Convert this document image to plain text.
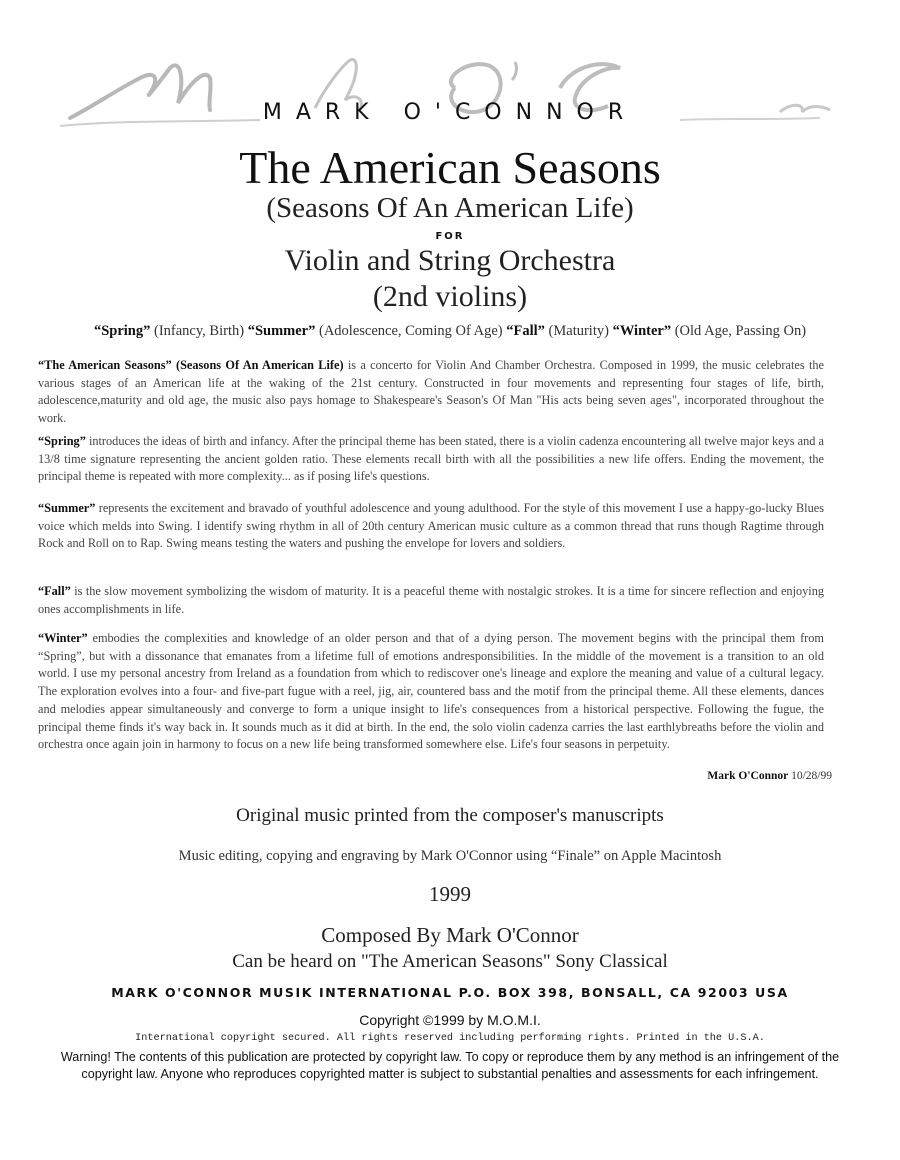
MARK O'CONNOR
The American Seasons
(Seasons Of An American Life)
FOR
Violin and String Orchestra
(2nd violins)
“Spring” (Infancy, Birth) “Summer” (Adolescence, Coming Of Age) “Fall” (Maturity) “Winter” (Old Age, Passing On)
“The American Seasons” (Seasons Of An American Life) is a concerto for Violin And Chamber Orchestra. Composed in 1999, the music celebrates the various stages of an American life at the waking of the 21st century. Constructed in four movements and representing four stages of life, birth, adolescence,maturity and old age, the music also pays homage to Shakespeare's Season's Of Man "His acts being seven ages", incorporated throughout the work.
“Spring” introduces the ideas of birth and infancy. After the principal theme has been stated, there is a violin cadenza encountering all twelve major keys and a 13/8 time signature representing the ancient golden ratio. These elements recall birth with all the possibilities a new life offers. Ending the movement, the principal theme is repeated with more complexity... as if posing life's questions.
“Summer” represents the excitement and bravado of youthful adolescence and young adulthood. For the style of this movement I use a happy-go-lucky Blues voice which melds into Swing. I identify swing rhythm in all of 20th century American music culture as a common thread that runs though Ragtime through Rock and Roll on to Rap. Swing means testing the waters and pushing the envelope for lovers and soldiers.
“Fall” is the slow movement symbolizing the wisdom of maturity. It is a peaceful theme with nostalgic strokes. It is a time for sincere reflection and enjoying ones accomplishments in life.
“Winter” embodies the complexities and knowledge of an older person and that of a dying person. The movement begins with the principal them from “Spring”, but with a dissonance that emanates from a lifetime full of emotions andresponsibilities. In the middle of the movement is a transition to an old world. I use my personal ancestry from Ireland as a foundation from which to rediscover one's lineage and explore the meaning and value of a cultural legacy. The exploration evolves into a four- and five-part fugue with a reel, jig, air, countered bass and the motif from the principal theme. All these elements, dances and melodies appear simultaneously and converge to form a unique insight to life's consequences from a historical perspective. Following the fugue, the principal theme finds it's way back in. It sounds much as it did at birth. In the end, the solo violin cadenza carries the last earthlybreaths before the violin and orchestra once again join in harmony to focus on a new life being transformed somewhere else. Life's four seasons in perpetuity.
Mark O'Connor 10/28/99
Original music printed from the composer's manuscripts
Music editing, copying and engraving by Mark O'Connor using “Finale” on Apple Macintosh
1999
Composed By Mark O'Connor
Can be heard on "The American Seasons" Sony Classical
MARK O'CONNOR MUSIK INTERNATIONAL P.O. BOX 398, BONSALL, CA 92003 USA
Copyright ©1999 by M.O.M.I.
International copyright secured. All rights reserved including performing rights. Printed in the U.S.A.
Warning! The contents of this publication are protected by copyright law. To copy or reproduce them by any method is an infringement of the copyright law. Anyone who reproduces copyrighted matter is subject to substantial penalties and assessments for each infringement.
